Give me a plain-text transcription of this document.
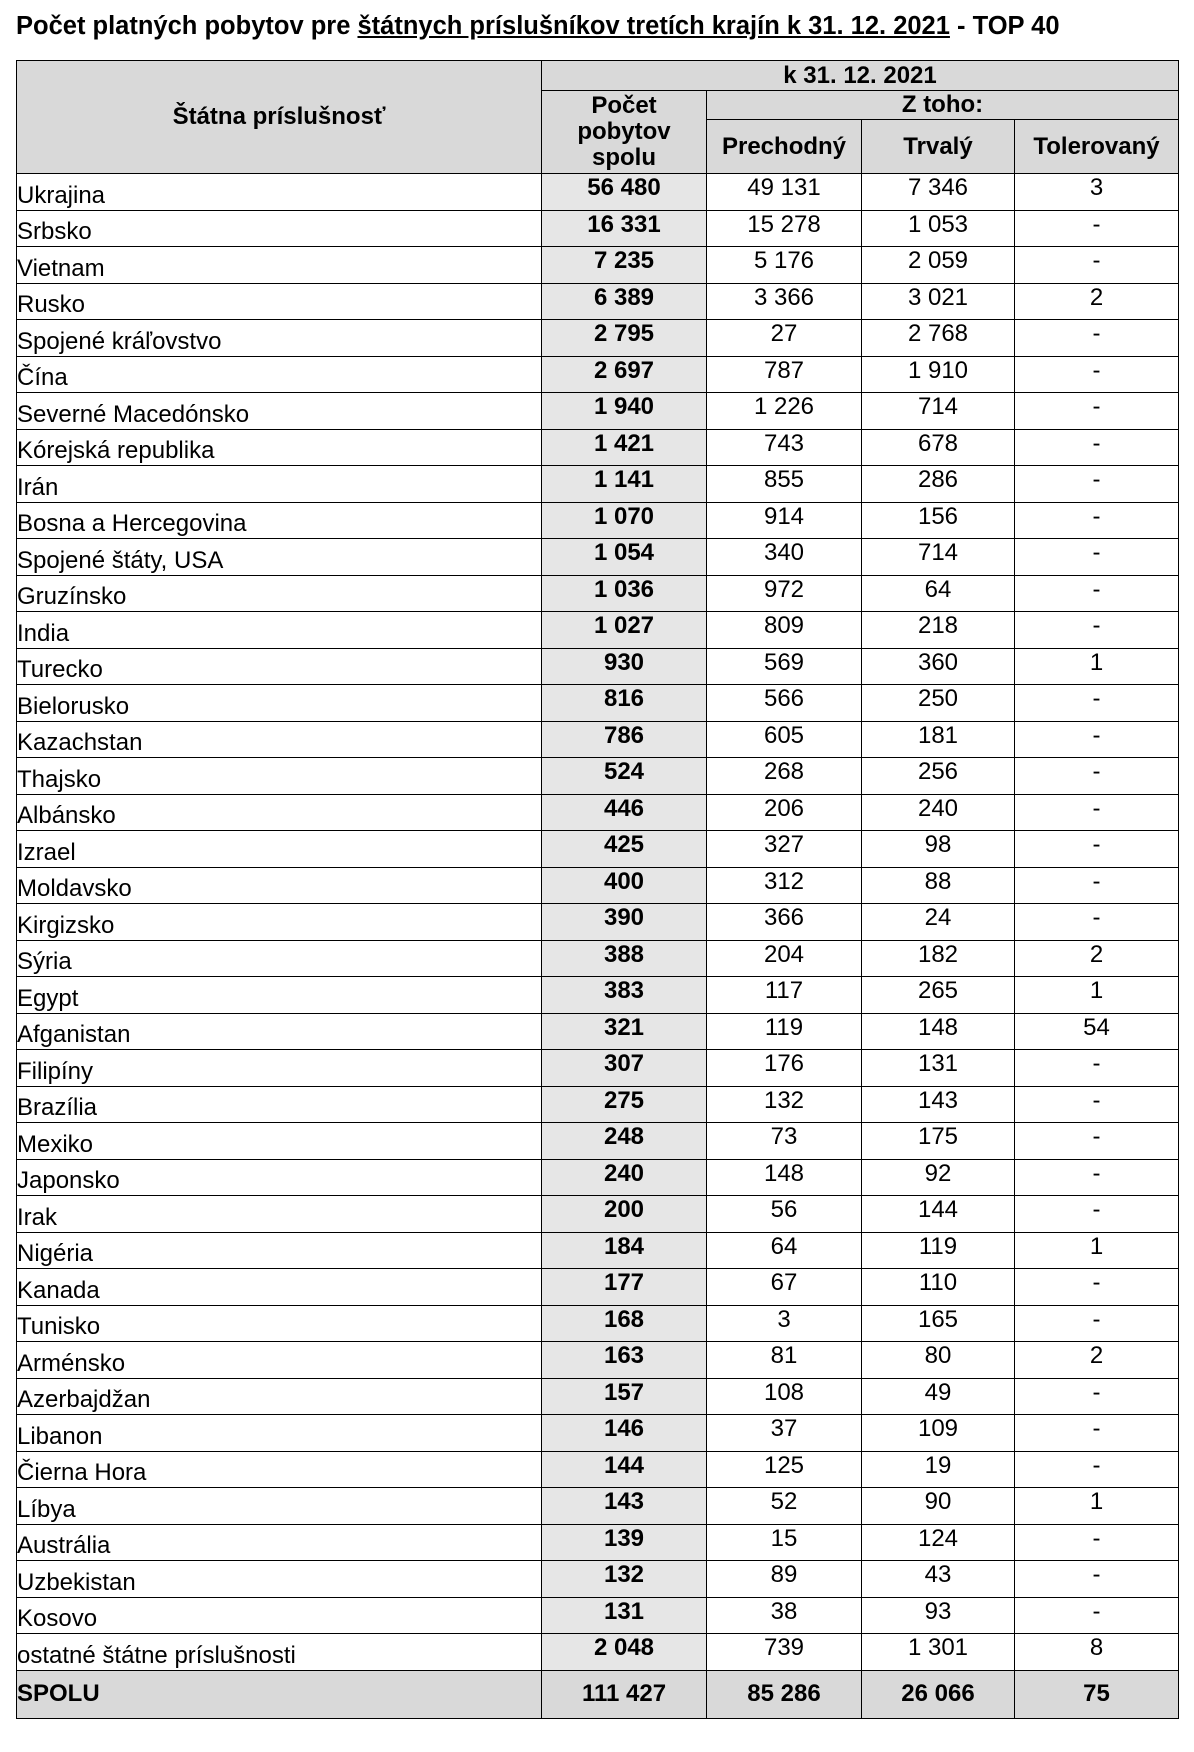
Počet platných pobytov pre štátnych príslušníkov tretích krajín k 31. 12. 2021 - TOP 40
Štátna príslušnosť	k 31. 12. 2021			
	Počet pobytov spolu	Z toho:		
		Prechodný	Trvalý	Tolerovaný
Ukrajina	56 480	49 131	7 346	3
Srbsko	16 331	15 278	1 053	-
Vietnam	7 235	5 176	2 059	-
Rusko	6 389	3 366	3 021	2
Spojené kráľovstvo	2 795	27	2 768	-
Čína	2 697	787	1 910	-
Severné Macedónsko	1 940	1 226	714	-
Kórejská republika	1 421	743	678	-
Irán	1 141	855	286	-
Bosna a Hercegovina	1 070	914	156	-
Spojené štáty, USA	1 054	340	714	-
Gruzínsko	1 036	972	64	-
India	1 027	809	218	-
Turecko	930	569	360	1
Bielorusko	816	566	250	-
Kazachstan	786	605	181	-
Thajsko	524	268	256	-
Albánsko	446	206	240	-
Izrael	425	327	98	-
Moldavsko	400	312	88	-
Kirgizsko	390	366	24	-
Sýria	388	204	182	2
Egypt	383	117	265	1
Afganistan	321	119	148	54
Filipíny	307	176	131	-
Brazília	275	132	143	-
Mexiko	248	73	175	-
Japonsko	240	148	92	-
Irak	200	56	144	-
Nigéria	184	64	119	1
Kanada	177	67	110	-
Tunisko	168	3	165	-
Arménsko	163	81	80	2
Azerbajdžan	157	108	49	-
Libanon	146	37	109	-
Čierna Hora	144	125	19	-
Líbya	143	52	90	1
Austrália	139	15	124	-
Uzbekistan	132	89	43	-
Kosovo	131	38	93	-
ostatné štátne príslušnosti	2 048	739	1 301	8
SPOLU	111 427	85 286	26 066	75
